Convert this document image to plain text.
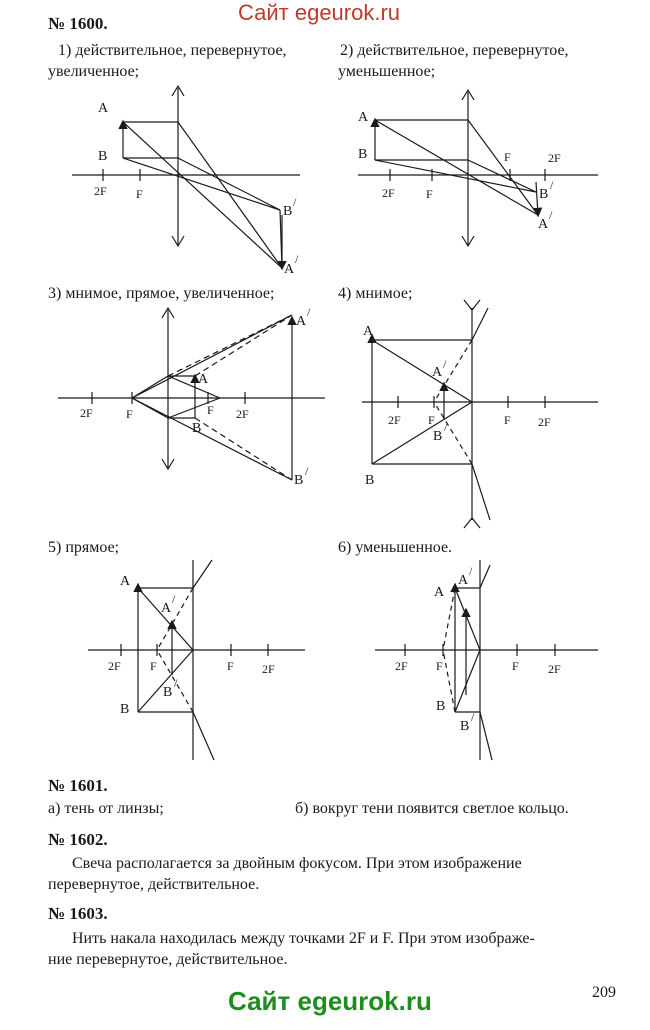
Сайт egeurok.ru
Сайт egeurok.ru	209
№ 1600.
1) действительное, перевернутое,
увеличенное;
2) действительное, перевернутое,
уменьшенное;
3) мнимое, прямое, увеличенное;	4) мнимое;
5) прямое;	6) уменьшенное.
A
B
2F F
B
/
A
/
A
B
2F	F
F	2F
B
/
A
/
A
B
2F	F	F 2F
A
/
B
/
A
B
A
/
B
/
2F F	F 2F
A
B
A
/
B
/
2F F	F 2F
A
B
A
/
B
/
2F F	F 2F
№ 1601.
а) тень от линзы;	б) вокруг тени появится светлое кольцо.
№ 1602.
Свеча располагается за двойным фокусом. При этом изображение
перевернутое, действительное.
№ 1603.
Нить накала находилась между точками 2F и F. При этом изображе-
ние перевернутое, действительное.
